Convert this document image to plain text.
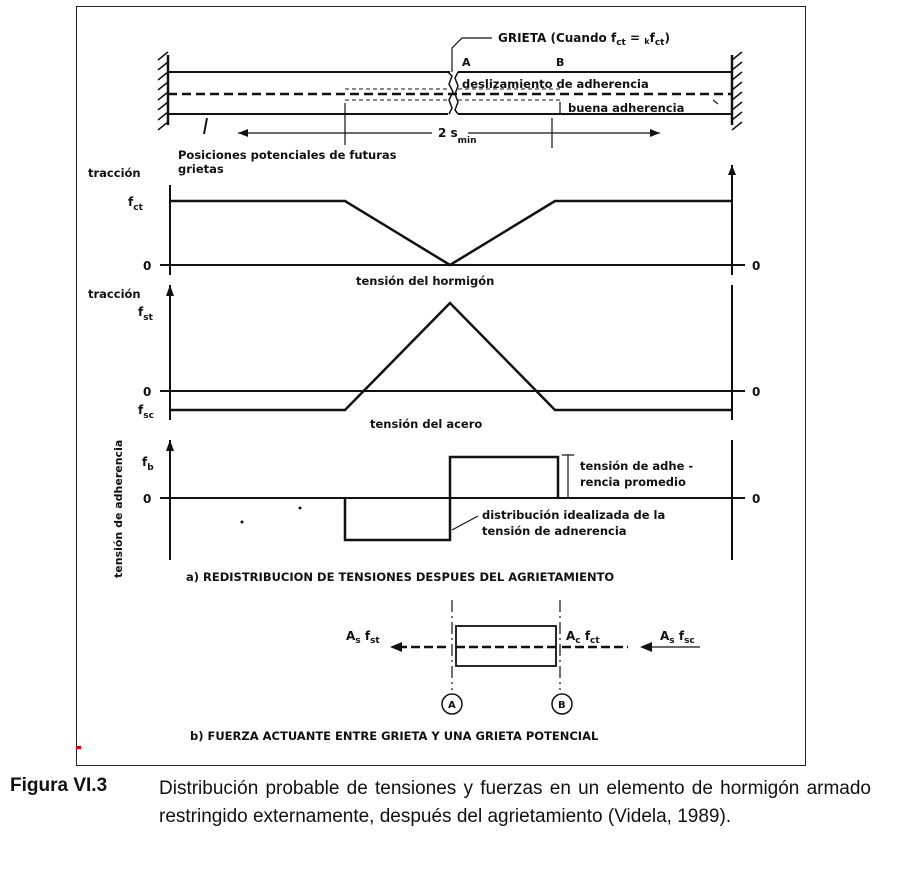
GRIETA (Cuando $f_{ct} = kf_{ct}$)
A	B
deslizamiento de adherencia
buena adherencia
2 $s_{min}$
Posiciones potenciales de futuras
grietas
tracción
$f_{ct}$
0	0
tensión del hormigón
tracción
$f_{st}$
0	0
$f_{sc}$
tensión del acero
tensión de adherencia $f_b$
0	0
tensión de adhe -
rencia promedio
distribución idealizada de la
tensión de adnerencia
a) REDISTRIBUCION DE TENSIONES DESPUES DEL AGRIETAMIENTO
$A_s$ $f_{st}$	$A_c$ $f_{ct}$	$A_s$ $f_{sc}$
A	B
b) FUERZA ACTUANTE ENTRE GRIETA Y UNA GRIETA POTENCIAL
Figura VI.3	Distribución probable de tensiones y fuerzas en un elemento de hormigón armado restringido externamente, después del agrietamiento (Videla, 1989).
